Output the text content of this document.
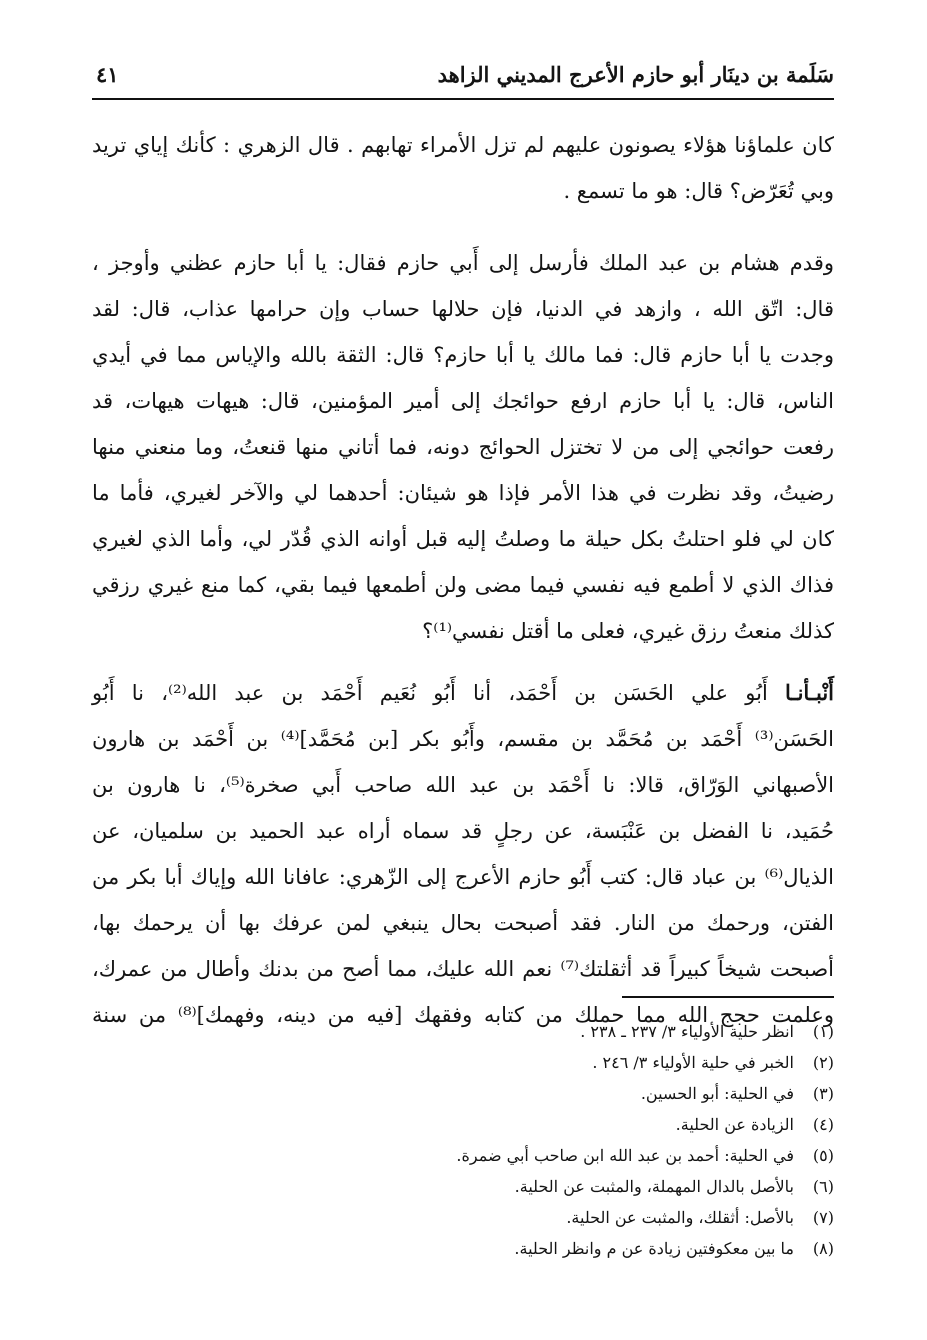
سَلَمة بن دينَار أبو حازم الأعرج المديني الزاهد
٤١
كان علماؤنا هؤلاء يصونون عليهم لم تزل الأمراء تهابهم . قال الزهري : كأنك إياي تريد
وبي تُعَرّض؟ قال: هو ما تسمع .
وقدم هشام بن عبد الملك فأرسل إلى أَبي حازم فقال: يا أبا حازم عظني وأوجز ،
قال: اتّق الله ، وازهد في الدنيا، فإن حلالها حساب وإن حرامها عذاب، قال: لقد
وجدت يا أبا حازم قال: فما مالك يا أبا حازم؟ قال: الثقة بالله والإياس مما في أيدي
الناس، قال: يا أبا حازم ارفع حوائجك إلى أمير المؤمنين، قال: هيهات هيهات، قد
رفعت حوائجي إلى من لا تختزل الحوائج دونه، فما أتاني منها قنعتُ، وما منعني منها
رضيتُ، وقد نظرت في هذا الأمر فإذا هو شيئان: أحدهما لي والآخر لغيري، فأما ما
كان لي فلو احتلتُ بكل حيلة ما وصلتُ إليه قبل أوانه الذي قُدّر لي، وأما الذي لغيري
فذاك الذي لا أطمع فيه نفسي فيما مضى ولن أطمعها فيما بقي، كما منع غيري رزقي
كذلك منعتُ رزق غيري، فعلى ما أقتل نفسي⁽¹⁾؟
أَنْبـأنـا أَبُو علي الحَسَن بن أَحْمَد، أنا أَبُو نُعَيم أَحْمَد بن عبد الله⁽²⁾، نا أَبُو
الحَسَن⁽³⁾ أَحْمَد بن مُحَمَّد بن مقسم، وأَبُو بكر [بن مُحَمَّد]⁽⁴⁾ بن أَحْمَد بن هارون
الأصبهاني الوَرّاق، قالا: نا أَحْمَد بن عبد الله صاحب أَبي صخرة⁽⁵⁾، نا هارون بن
حُمَيد، نا الفضل بن عَنْبَسة، عن رجلٍ قد سماه أراه عبد الحميد بن سلميان، عن
الذيال⁽⁶⁾ بن عباد قال: كتب أَبُو حازم الأعرج إلى الزّهري: عافانا الله وإياك أبا بكر من
الفتن، ورحمك من النار. فقد أصبحت بحال ينبغي لمن عرفك بها أن يرحمك بها،
أصبحت شيخاً كبيراً قد أثقلتك⁽⁷⁾ نعم الله عليك، مما أصح من بدنك وأطال من عمرك،
وعلمت حجج الله مما حملك من كتابه وفقهك [فيه من دينه، وفهمك]⁽⁸⁾ من سنة
(١)انظر حلية الأولياء ٣/ ٢٣٧ ـ ٢٣٨ .
(٢)الخبر في حلية الأولياء ٣/ ٢٤٦ .
(٣)في الحلية: أبو الحسين.
(٤)الزيادة عن الحلية.
(٥)في الحلية: أحمد بن عبد الله ابن صاحب أبي ضمرة.
(٦)بالأصل بالدال المهملة، والمثبت عن الحلية.
(٧)بالأصل: أثقلك، والمثبت عن الحلية.
(٨)ما بين معكوفتين زيادة عن م وانظر الحلية.
